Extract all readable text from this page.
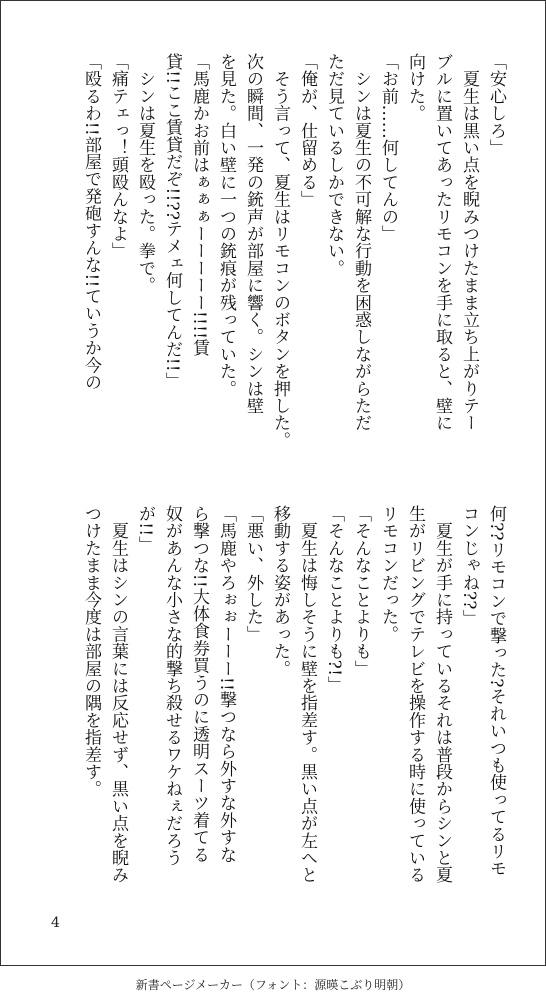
「安心しろ」
　夏生は黒い点を睨みつけたまま立ち上がりテー
ブルに置いてあったリモコンを手に取ると、壁に
向けた。
「お前……何してんの」
　シンは夏生の不可解な行動を困惑しながらただ
ただ見ているしかできない。
「俺が、仕留める」
　そう言って、夏生はリモコンのボタンを押した。
次の瞬間、一発の銃声が部屋に響く。シンは壁
を見た。白い壁に一つの銃痕が残っていた。
「馬鹿かお前はぁぁぁーーーーー!!!!賃
貸!!ここ賃貸だぞ!!??テメェ何してんだ!!」
　シンは夏生を殴った。拳で。
「痛テェっ！頭殴んなよ」
「殴るわ!!部屋で発砲すんな!!ていうか今の
何??リモコンで撃った?それいつも使ってるリモ
コンじゃね??」
　夏生が手に持っているそれは普段からシンと夏
生がリビングでテレビを操作する時に使っている
リモコンだった。
「そんなことよりも」
「そんなことよりも?!」
　夏生は悔しそうに壁を指差す。黒い点が左へと
移動する姿があった。
「悪い、外した」
「馬鹿やろぉぉーーー!!撃つなら外すな外すな
ら撃つな!!大体食券買うのに透明スーツ着てる
奴があんな小さな的撃ち殺せるワケねぇだろう
が!!」
　夏生はシンの言葉には反応せず、黒い点を睨み
つけたまま今度は部屋の隅を指差す。
4
新書ページメーカー（フォント：源暎こぶり明朝）
